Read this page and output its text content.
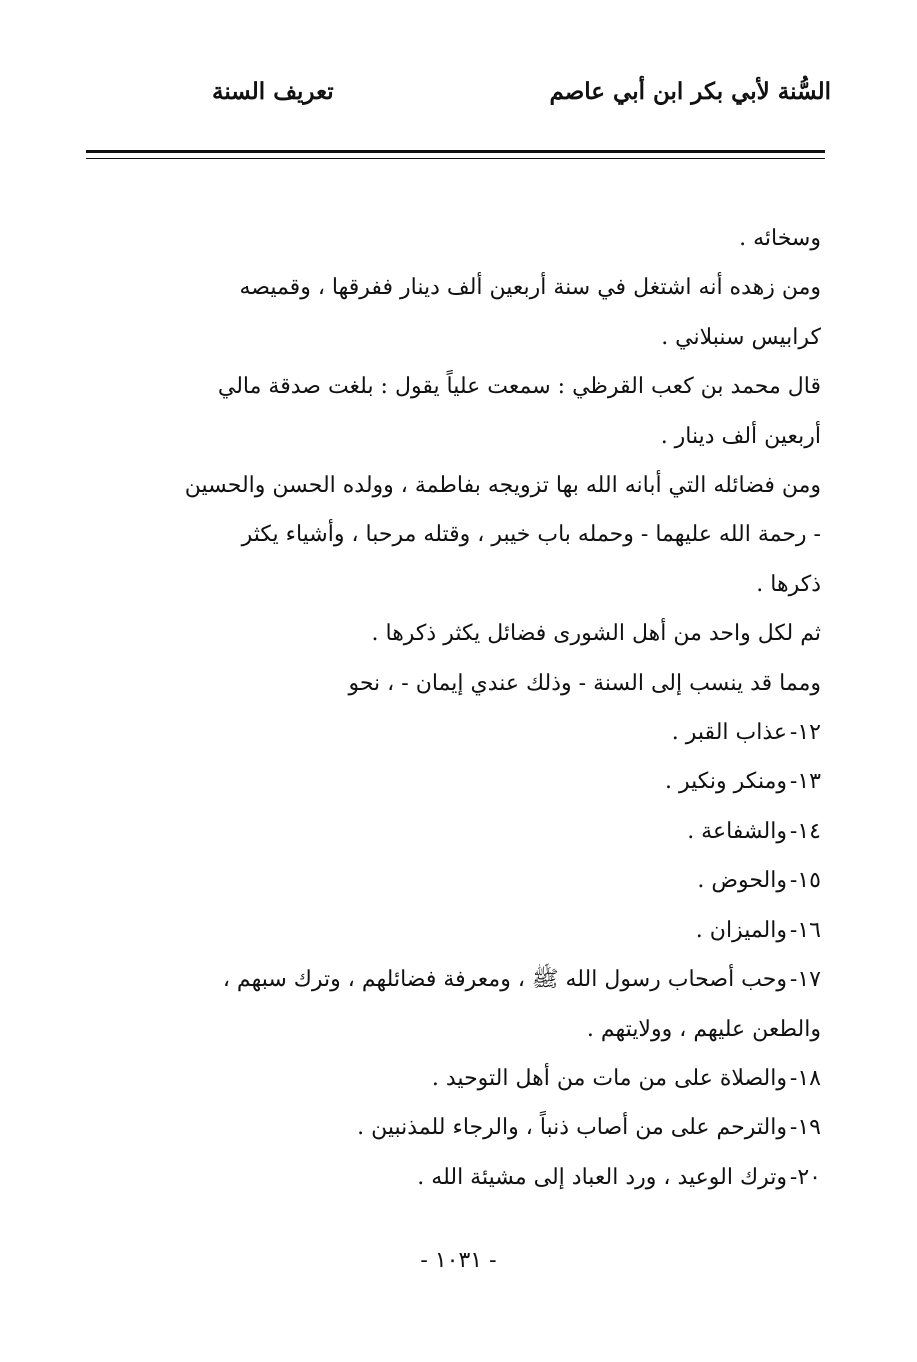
السُّنة لأبي بكر ابن أبي عاصم
تعريف السنة

وسخائه .

ومن زهده أنه اشتغل في سنة أربعين ألف دينار ففرقها ، وقميصه

كرابيس سنبلاني .

قال محمد بن كعب القرظي : سمعت علياً يقول : بلغت صدقة مالي

أربعين ألف دينار .

ومن فضائله التي أبانه الله بها تزويجه بفاطمة ، وولده الحسن والحسين

- رحمة الله عليهما - وحمله باب خيبر ، وقتله مرحبا ، وأشياء يكثر

ذكرها .

ثم لكل واحد من أهل الشورى فضائل يكثر ذكرها .

ومما قد ينسب إلى السنة - وذلك عندي إيمان - ، نحو

١٢-
عذاب القبر .
١٣-
ومنكر ونكير .
١٤-
والشفاعة .
١٥-
والحوض .
١٦-
والميزان .
١٧-
وحب أصحاب رسول الله ﷺ ، ومعرفة فضائلهم ، وترك سبهم ،

والطعن عليهم ، وولايتهم .

١٨-
والصلاة على من مات من أهل التوحيد .
١٩-
والترحم على من أصاب ذنباً ، والرجاء للمذنبين .
٢٠-
وترك الوعيد ، ورد العباد إلى مشيئة الله .
- ١٠٣١ -
